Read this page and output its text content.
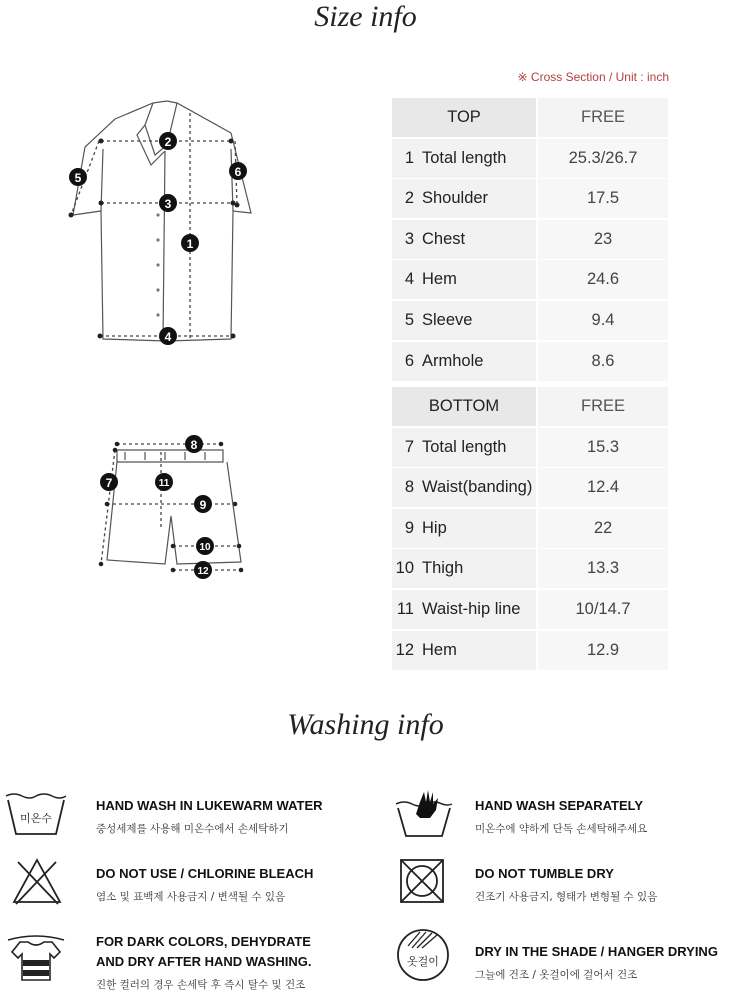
Size info
※ Cross Section / Unit : inch
1
2
3
4
5	6
8
7	11
9
10
12
TOP	FREE
1 Total length	25.3/26.7
2 Shoulder	17.5
3 Chest	23
4 Hem	24.6
5 Sleeve	9.4
6 Armhole	8.6
BOTTOM	FREE
7 Total length	15.3
8 Waist(banding)	12.4
9 Hip	22
10 Thigh	13.3
11 Waist-hip line	10/14.7
12 Hem	12.9
Washing info
미온수
HAND WASH IN LUKEWARM WATER
중성세제를 사용해 미온수에서 손세탁하기
HAND WASH SEPARATELY
미온수에 약하게 단독 손세탁해주세요
DO NOT USE / CHLORINE BLEACH
염소 및 표백제 사용금지 / 변색될 수 있음
DO NOT TUMBLE DRY
건조기 사용금지, 형태가 변형될 수 있음
FOR DARK COLORS, DEHYDRATE
AND DRY AFTER HAND WASHING.
진한 컬러의 경우 손세탁 후 즉시 탈수 및 건조
옷걸이
DRY IN THE SHADE / HANGER DRYING
그늘에 건조 / 옷걸이에 걸어서 건조
